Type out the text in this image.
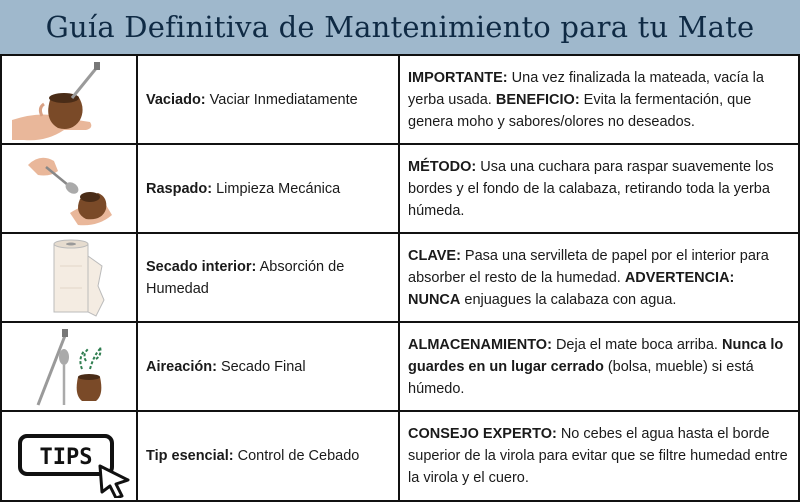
Guía Definitiva de Mantenimiento para tu Mate
	Vaciado: Vaciar Inmediatamente	IMPORTANTE: Una vez finalizada la mateada, vacía la yerba usada. BENEFICIO: Evita la fermentación, que genera moho y sabores/olores no deseados.

	Raspado: Limpieza Mecánica	MÉTODO: Usa una cuchara para raspar suavemente los bordes y el fondo de la calabaza, retirando toda la yerba húmeda.

	Secado interior: Absorción de Humedad	CLAVE: Pasa una servilleta de papel por el interior para absorber el resto de la humedad. ADVERTENCIA: NUNCA enjuagues la calabaza con agua.

	Aireación: Secado Final	ALMACENAMIENTO: Deja el mate boca arriba. Nunca lo guardes en un lugar cerrado (bolsa, mueble) si está húmedo.

TIPS	Tip esencial: Control de Cebado	CONSEJO EXPERTO: No cebes el agua hasta el borde superior de la virola para evitar que se filtre humedad entre la virola y el cuero.
